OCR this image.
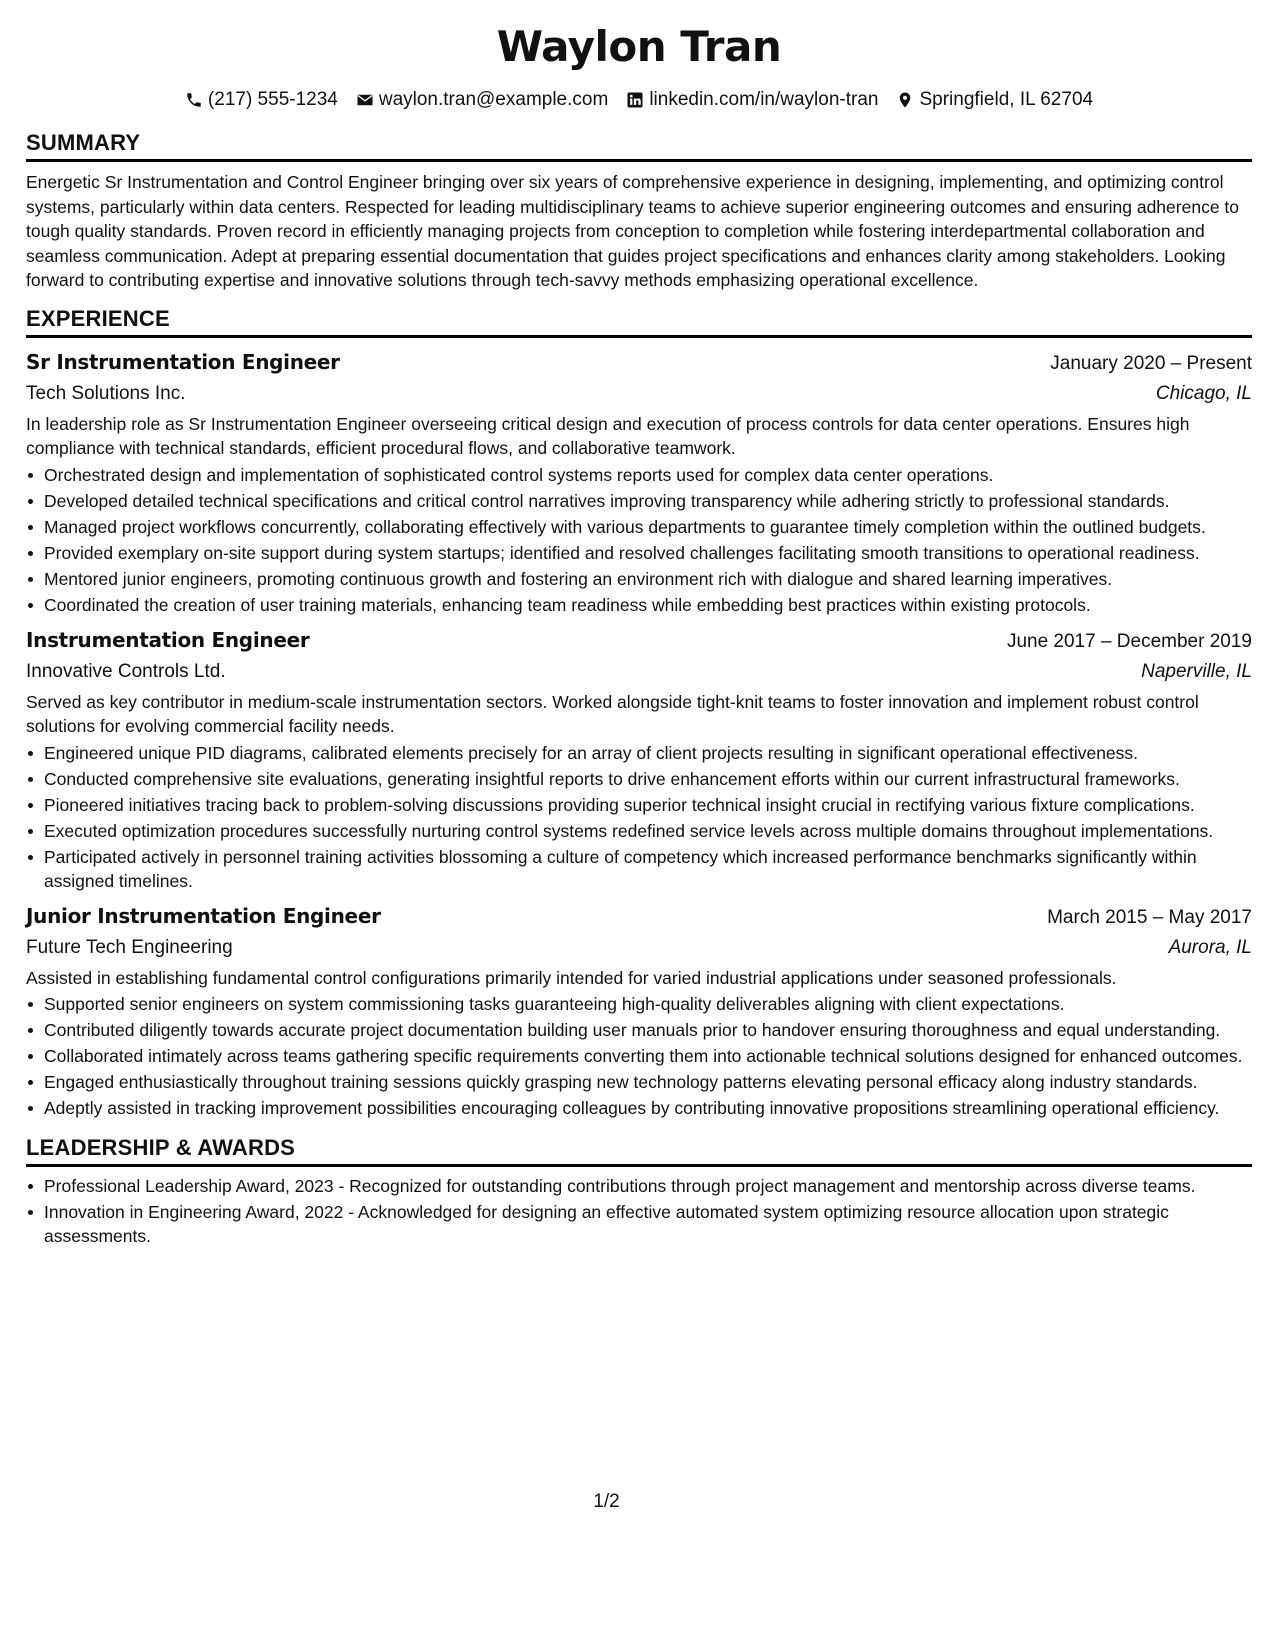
Waylon Tran
(217) 555-1234 waylon.tran@example.com linkedin.com/in/waylon-tran Springfield, IL 62704
SUMMARY
Energetic Sr Instrumentation and Control Engineer bringing over six years of comprehensive experience in designing, implementing, and optimizing control systems, particularly within data centers. Respected for leading multidisciplinary teams to achieve superior engineering outcomes and ensuring adherence to tough quality standards. Proven record in efficiently managing projects from conception to completion while fostering interdepartmental collaboration and seamless communication. Adept at preparing essential documentation that guides project specifications and enhances clarity among stakeholders. Looking forward to contributing expertise and innovative solutions through tech-savvy methods emphasizing operational excellence.
EXPERIENCE
Sr Instrumentation Engineer	January 2020 – Present
Tech Solutions Inc.	Chicago, IL
In leadership role as Sr Instrumentation Engineer overseeing critical design and execution of process controls for data center operations. Ensures high compliance with technical standards, efficient procedural flows, and collaborative teamwork.
Orchestrated design and implementation of sophisticated control systems reports used for complex data center operations.
Developed detailed technical specifications and critical control narratives improving transparency while adhering strictly to professional standards.
Managed project workflows concurrently, collaborating effectively with various departments to guarantee timely completion within the outlined budgets.
Provided exemplary on-site support during system startups; identified and resolved challenges facilitating smooth transitions to operational readiness.
Mentored junior engineers, promoting continuous growth and fostering an environment rich with dialogue and shared learning imperatives.
Coordinated the creation of user training materials, enhancing team readiness while embedding best practices within existing protocols.
Instrumentation Engineer	June 2017 – December 2019
Innovative Controls Ltd.	Naperville, IL
Served as key contributor in medium-scale instrumentation sectors. Worked alongside tight-knit teams to foster innovation and implement robust control solutions for evolving commercial facility needs.
Engineered unique PID diagrams, calibrated elements precisely for an array of client projects resulting in significant operational effectiveness.
Conducted comprehensive site evaluations, generating insightful reports to drive enhancement efforts within our current infrastructural frameworks.
Pioneered initiatives tracing back to problem-solving discussions providing superior technical insight crucial in rectifying various fixture complications.
Executed optimization procedures successfully nurturing control systems redefined service levels across multiple domains throughout implementations.
Participated actively in personnel training activities blossoming a culture of competency which increased performance benchmarks significantly within assigned timelines.
Junior Instrumentation Engineer	March 2015 – May 2017
Future Tech Engineering	Aurora, IL
Assisted in establishing fundamental control configurations primarily intended for varied industrial applications under seasoned professionals.
Supported senior engineers on system commissioning tasks guaranteeing high-quality deliverables aligning with client expectations.
Contributed diligently towards accurate project documentation building user manuals prior to handover ensuring thoroughness and equal understanding.
Collaborated intimately across teams gathering specific requirements converting them into actionable technical solutions designed for enhanced outcomes.
Engaged enthusiastically throughout training sessions quickly grasping new technology patterns elevating personal efficacy along industry standards.
Adeptly assisted in tracking improvement possibilities encouraging colleagues by contributing innovative propositions streamlining operational efficiency.
LEADERSHIP & AWARDS
Professional Leadership Award, 2023 - Recognized for outstanding contributions through project management and mentorship across diverse teams.
Innovation in Engineering Award, 2022 - Acknowledged for designing an effective automated system optimizing resource allocation upon strategic assessments.
1/2
